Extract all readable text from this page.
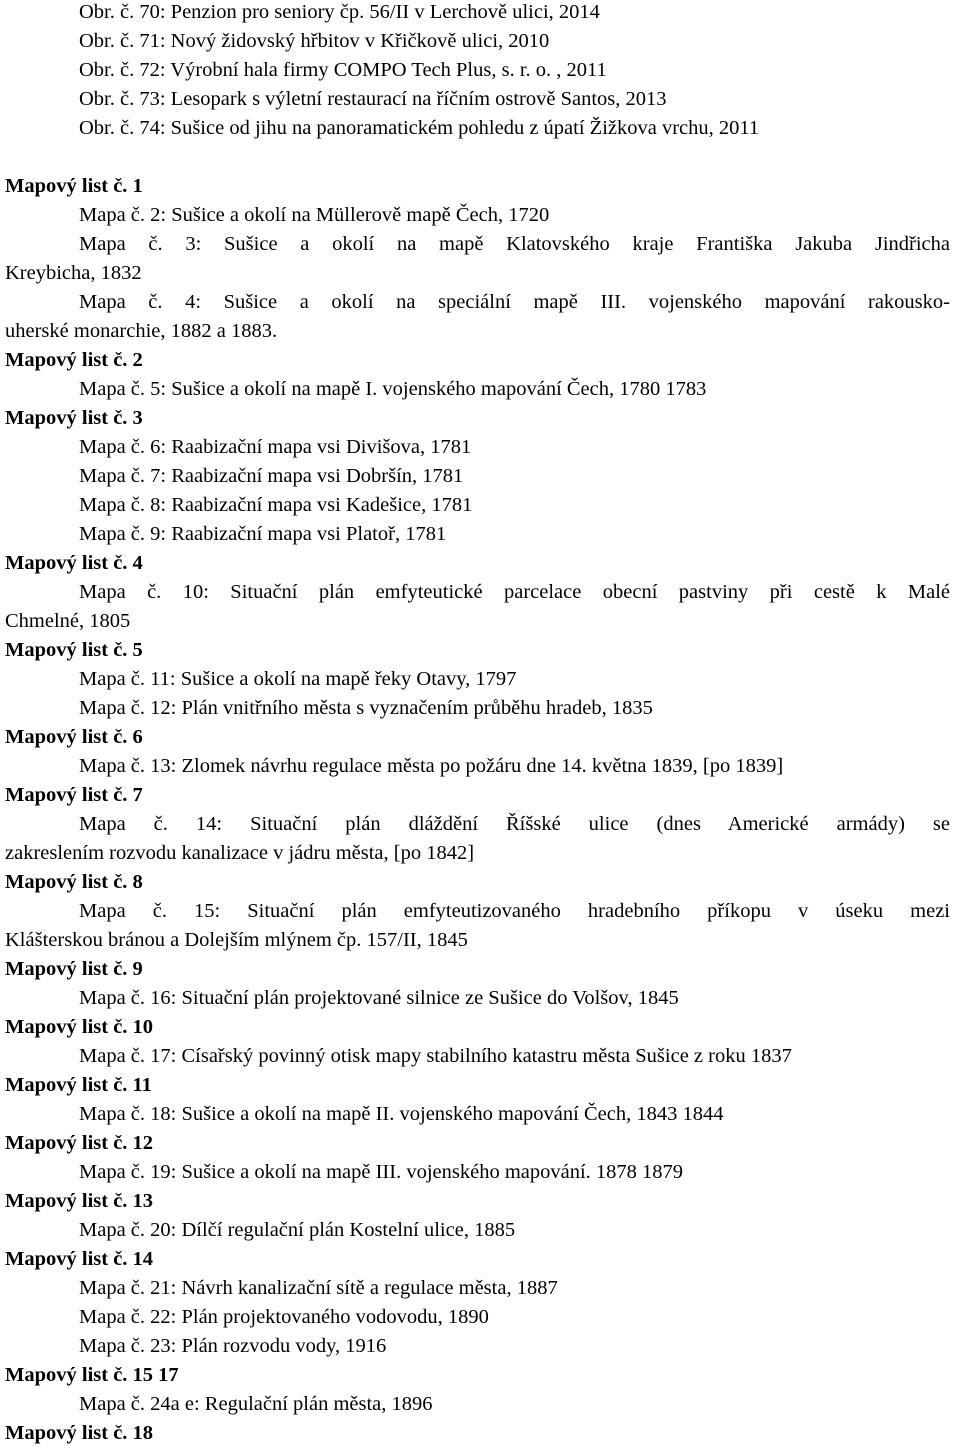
Obr. č. 70: Penzion pro seniory čp. 56/II v Lerchově ulici, 2014
Obr. č. 71: Nový židovský hřbitov v Křičkově ulici, 2010
Obr. č. 72: Výrobní hala firmy COMPO Tech Plus, s. r. o. , 2011
Obr. č. 73: Lesopark s výletní restaurací na říčním ostrově Santos, 2013
Obr. č. 74: Sušice od jihu na panoramatickém pohledu z úpatí Žižkova vrchu, 2011
Mapový list č. 1
Mapa č. 2: Sušice a okolí na Müllerově mapě Čech, 1720
Mapa č. 3: Sušice a okolí na mapě Klatovského kraje Františka Jakuba Jindřicha
Kreybicha, 1832
Mapa č. 4: Sušice a okolí na speciální mapě III. vojenského mapování rakousko-
uherské monarchie, 1882 a 1883.
Mapový list č. 2
Mapa č. 5: Sušice a okolí na mapě I. vojenského mapování Čech, 1780 1783
Mapový list č. 3
Mapa č. 6: Raabizační mapa vsi Divišova, 1781
Mapa č. 7: Raabizační mapa vsi Dobršín, 1781
Mapa č. 8: Raabizační mapa vsi Kadešice, 1781
Mapa č. 9: Raabizační mapa vsi Platoř, 1781
Mapový list č. 4
Mapa č. 10: Situační plán emfyteutické parcelace obecní pastviny při cestě k Malé
Chmelné, 1805
Mapový list č. 5
Mapa č. 11: Sušice a okolí na mapě řeky Otavy, 1797
Mapa č. 12: Plán vnitřního města s vyznačením průběhu hradeb, 1835
Mapový list č. 6
Mapa č. 13: Zlomek návrhu regulace města po požáru dne 14. května 1839, [po 1839]
Mapový list č. 7
Mapa č. 14: Situační plán dláždění Říšské ulice (dnes Americké armády) se
zakreslením rozvodu kanalizace v jádru města, [po 1842]
Mapový list č. 8
Mapa č. 15: Situační plán emfyteutizovaného hradebního příkopu v úseku mezi
Klášterskou bránou a Dolejším mlýnem čp. 157/II, 1845
Mapový list č. 9
Mapa č. 16: Situační plán projektované silnice ze Sušice do Volšov, 1845
Mapový list č. 10
Mapa č. 17: Císařský povinný otisk mapy stabilního katastru města Sušice z roku 1837
Mapový list č. 11
Mapa č. 18: Sušice a okolí na mapě II. vojenského mapování Čech, 1843 1844
Mapový list č. 12
Mapa č. 19: Sušice a okolí na mapě III. vojenského mapování. 1878 1879
Mapový list č. 13
Mapa č. 20: Dílčí regulační plán Kostelní ulice, 1885
Mapový list č. 14
Mapa č. 21: Návrh kanalizační sítě a regulace města, 1887
Mapa č. 22: Plán projektovaného vodovodu, 1890
Mapa č. 23: Plán rozvodu vody, 1916
Mapový list č. 15 17
Mapa č. 24a e: Regulační plán města, 1896
Mapový list č. 18
